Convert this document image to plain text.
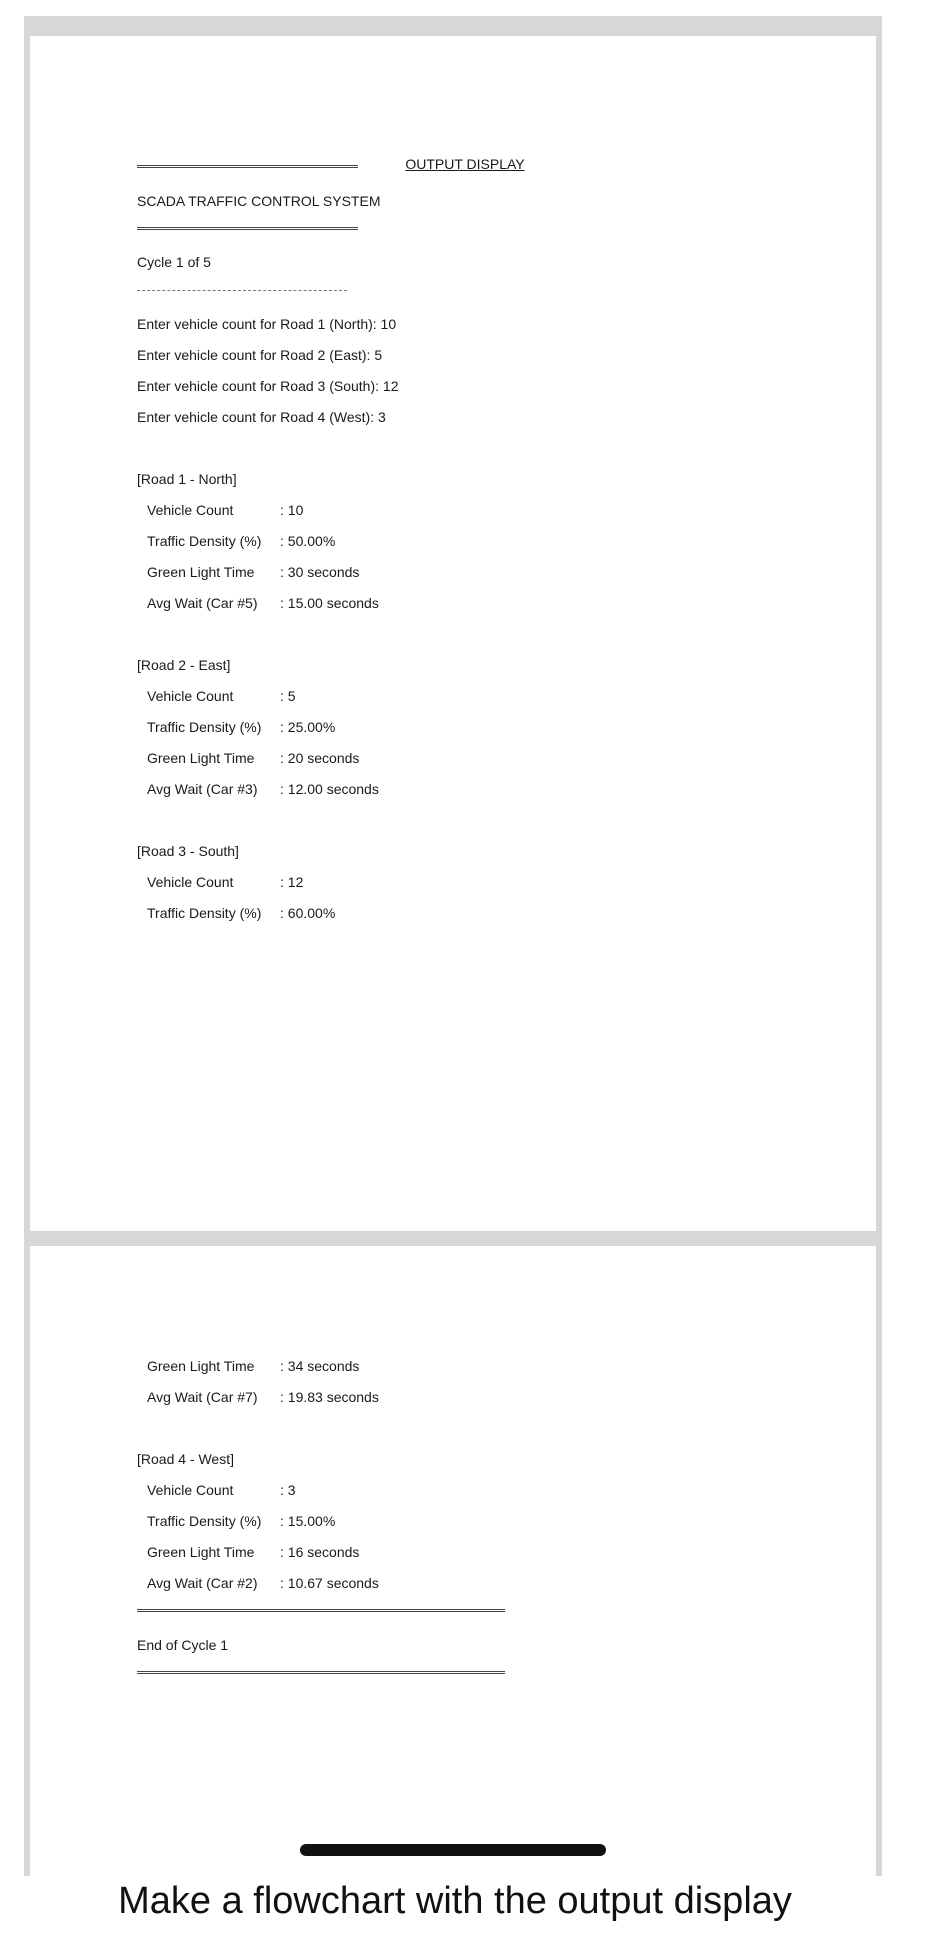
OUTPUT DISPLAY

SCADA TRAFFIC CONTROL SYSTEM

Cycle 1 of 5

Enter vehicle count for Road 1 (North): 10

Enter vehicle count for Road 2 (East): 5

Enter vehicle count for Road 3 (South): 12

Enter vehicle count for Road 4 (West): 3

[Road 1 - North]

Vehicle Count	: 10

Traffic Density (%) : 50.00%

Green Light Time : 30 seconds

Avg Wait (Car #5) : 15.00 seconds

[Road 2 - East]

Vehicle Count	: 5

Traffic Density (%) : 25.00%

Green Light Time : 20 seconds

Avg Wait (Car #3) : 12.00 seconds

[Road 3 - South]

Vehicle Count	: 12

Traffic Density (%) : 60.00%

Green Light Time : 34 seconds

Avg Wait (Car #7) : 19.83 seconds

[Road 4 - West]

Vehicle Count	: 3

Traffic Density (%) : 15.00%

Green Light Time : 16 seconds

Avg Wait (Car #2) : 10.67 seconds

End of Cycle 1

Make a flowchart with the output display
